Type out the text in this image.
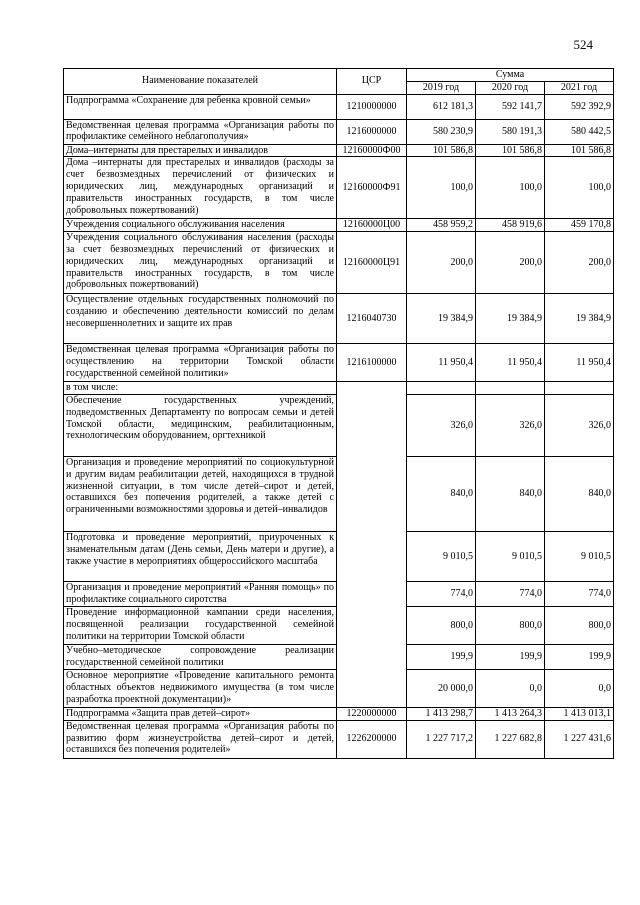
524
Наименование показателей	ЦСР	Сумма		
		2019 год	2020 год	2021 год
Подпрограмма «Сохранение для ребенка кровной семьи»	1210000000	612 181,3	592 141,7	592 392,9
Ведомственная целевая программа «Организация работы по профилактике семейного неблагополучия»	1216000000	580 230,9	580 191,3	580 442,5
Дома–интернаты для престарелых и инвалидов	12160000Ф00	101 586,8	101 586,8	101 586,8
Дома –интернаты для престарелых и инвалидов (расходы за счет безвозмездных перечислений от физических и юридических лиц, международных организаций и правительств иностранных государств, в том числе добровольных пожертвований)	12160000Ф91	100,0	100,0	100,0
Учреждения социального обслуживания населения	12160000Ц00	458 959,2	458 919,6	459 170,8
Учреждения социального обслуживания населения (расходы за счет безвозмездных перечислений от физических и юридических лиц, международных организаций и правительств иностранных государств, в том числе добровольных пожертвований)	12160000Ц91	200,0	200,0	200,0
Осуществление отдельных государственных полномочий по созданию и обеспечению деятельности комиссий по делам несовершеннолетних и защите их прав	1216040730	19 384,9	19 384,9	19 384,9
Ведомственная целевая программа «Организация работы по осуществлению на территории Томской области государственной семейной политики»	1216100000	11 950,4	11 950,4	11 950,4
в том числе:				
Обеспечение государственных учреждений, подведомственных Департаменту по вопросам семьи и детей Томской области, медицинским, реабилитационным, технологическим оборудованием, оргтехникой		326,0	326,0	326,0
Организация и проведение мероприятий по социокультурной и другим видам реабилитации детей, находящихся в трудной жизненной ситуации, в том числе детей–сирот и детей, оставшихся без попечения родителей, а также детей с ограниченными возможностями здоровья и детей–инвалидов		840,0	840,0	840,0
Подготовка и проведение мероприятий, приуроченных к знаменательным датам (День семьи, День матери и другие), а также участие в мероприятиях общероссийского масштаба		9 010,5	9 010,5	9 010,5
Организация и проведение мероприятий «Ранняя помощь» по профилактике социального сиротства		774,0	774,0	774,0
Проведение информационной кампании среди населения, посвященной реализации государственной семейной политики на территории Томской области		800,0	800,0	800,0
Учебно–методическое сопровождение реализации государственной семейной политики		199,9	199,9	199,9
Основное мероприятие «Проведение капитального ремонта областных объектов недвижимого имущества (в том числе разработка проектной документации)»		20 000,0	0,0	0,0
Подпрограмма «Защита прав детей–сирот»	1220000000	1 413 298,7	1 413 264,3	1 413 013,1
Ведомственная целевая программа «Организация работы по развитию форм жизнеустройства детей–сирот и детей, оставшихся без попечения родителей»	1226200000	1 227 717,2	1 227 682,8	1 227 431,6
